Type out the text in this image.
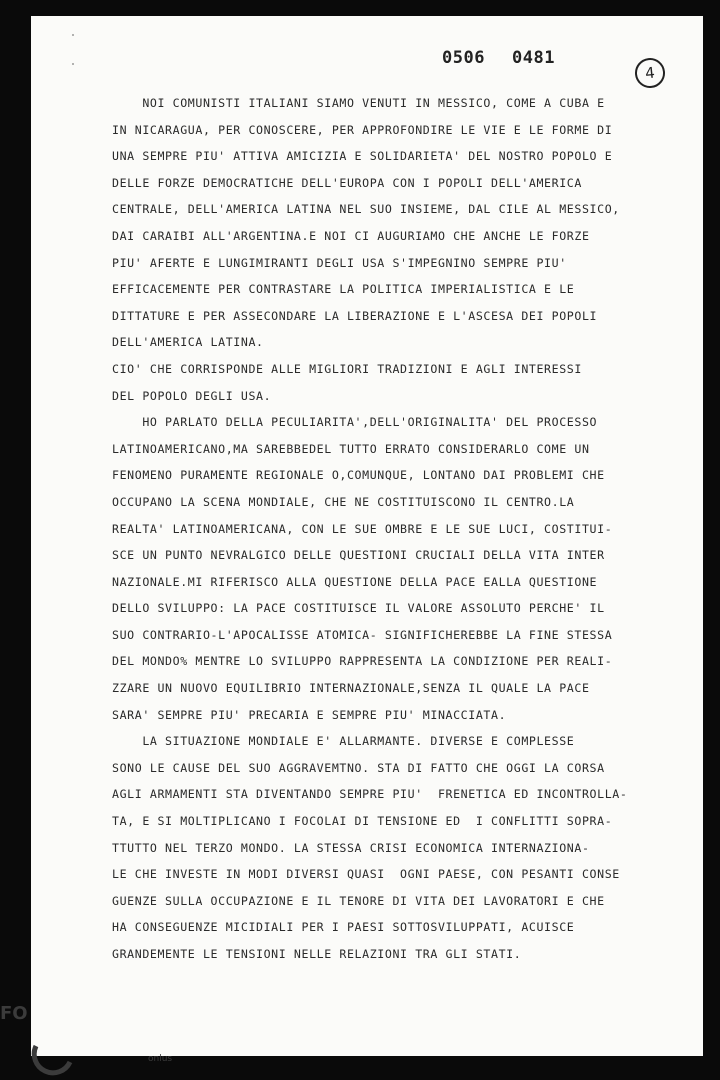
0506 0481
4
NOI COMUNISTI ITALIANI SIAMO VENUTI IN MESSICO, COME A CUBA E
IN NICARAGUA, PER CONOSCERE, PER APPROFONDIRE LE VIE E LE FORME DI
UNA SEMPRE PIU' ATTIVA AMICIZIA E SOLIDARIETA' DEL NOSTRO POPOLO E
DELLE FORZE DEMOCRATICHE DELL'EUROPA CON I POPOLI DELL'AMERICA
CENTRALE, DELL'AMERICA LATINA NEL SUO INSIEME, DAL CILE AL MESSICO,
DAI CARAIBI ALL'ARGENTINA.E NOI CI AUGURIAMO CHE ANCHE LE FORZE
PIU' AFERTE E LUNGIMIRANTI DEGLI USA S'IMPEGNINO SEMPRE PIU'
EFFICACEMENTE PER CONTRASTARE LA POLITICA IMPERIALISTICA E LE
DITTATURE E PER ASSECONDARE LA LIBERAZIONE E L'ASCESA DEI POPOLI
DELL'AMERICA LATINA.
CIO' CHE CORRISPONDE ALLE MIGLIORI TRADIZIONI E AGLI INTERESSI
DEL POPOLO DEGLI USA.
HO PARLATO DELLA PECULIARITA',DELL'ORIGINALITA' DEL PROCESSO
LATINOAMERICANO,MA SAREBBEDEL TUTTO ERRATO CONSIDERARLO COME UN
FENOMENO PURAMENTE REGIONALE O,COMUNQUE, LONTANO DAI PROBLEMI CHE
OCCUPANO LA SCENA MONDIALE, CHE NE COSTITUISCONO IL CENTRO.LA
REALTA' LATINOAMERICANA, CON LE SUE OMBRE E LE SUE LUCI, COSTITUI-
SCE UN PUNTO NEVRALGICO DELLE QUESTIONI CRUCIALI DELLA VITA INTER
NAZIONALE.MI RIFERISCO ALLA QUESTIONE DELLA PACE EALLA QUESTIONE
DELLO SVILUPPO: LA PACE COSTITUISCE IL VALORE ASSOLUTO PERCHE' IL
SUO CONTRARIO-L'APOCALISSE ATOMICA- SIGNIFICHEREBBE LA FINE STESSA
DEL MONDO% MENTRE LO SVILUPPO RAPPRESENTA LA CONDIZIONE PER REALI-
ZZARE UN NUOVO EQUILIBRIO INTERNAZIONALE,SENZA IL QUALE LA PACE
SARA' SEMPRE PIU' PRECARIA E SEMPRE PIU' MINACCIATA.
LA SITUAZIONE MONDIALE E' ALLARMANTE. DIVERSE E COMPLESSE
SONO LE CAUSE DEL SUO AGGRAVEMTNO. STA DI FATTO CHE OGGI LA CORSA
AGLI ARMAMENTI STA DIVENTANDO SEMPRE PIU'  FRENETICA ED INCONTROLLA-
TA, E SI MOLTIPLICANO I FOCOLAI DI TENSIONE ED  I CONFLITTI SOPRA-
TTUTTO NEL TERZO MONDO. LA STESSA CRISI ECONOMICA INTERNAZIONA-
LE CHE INVESTE IN MODI DIVERSI QUASI  OGNI PAESE, CON PESANTI CONSE
GUENZE SULLA OCCUPAZIONE E IL TENORE DI VITA DEI LAVORATORI E CHE
HA CONSEGUENZE MICIDIALI PER I PAESI SOTTOSVILUPPATI, ACUISCE
GRANDEMENTE LE TENSIONI NELLE RELAZIONI TRA GLI STATI.
FO
onlus
